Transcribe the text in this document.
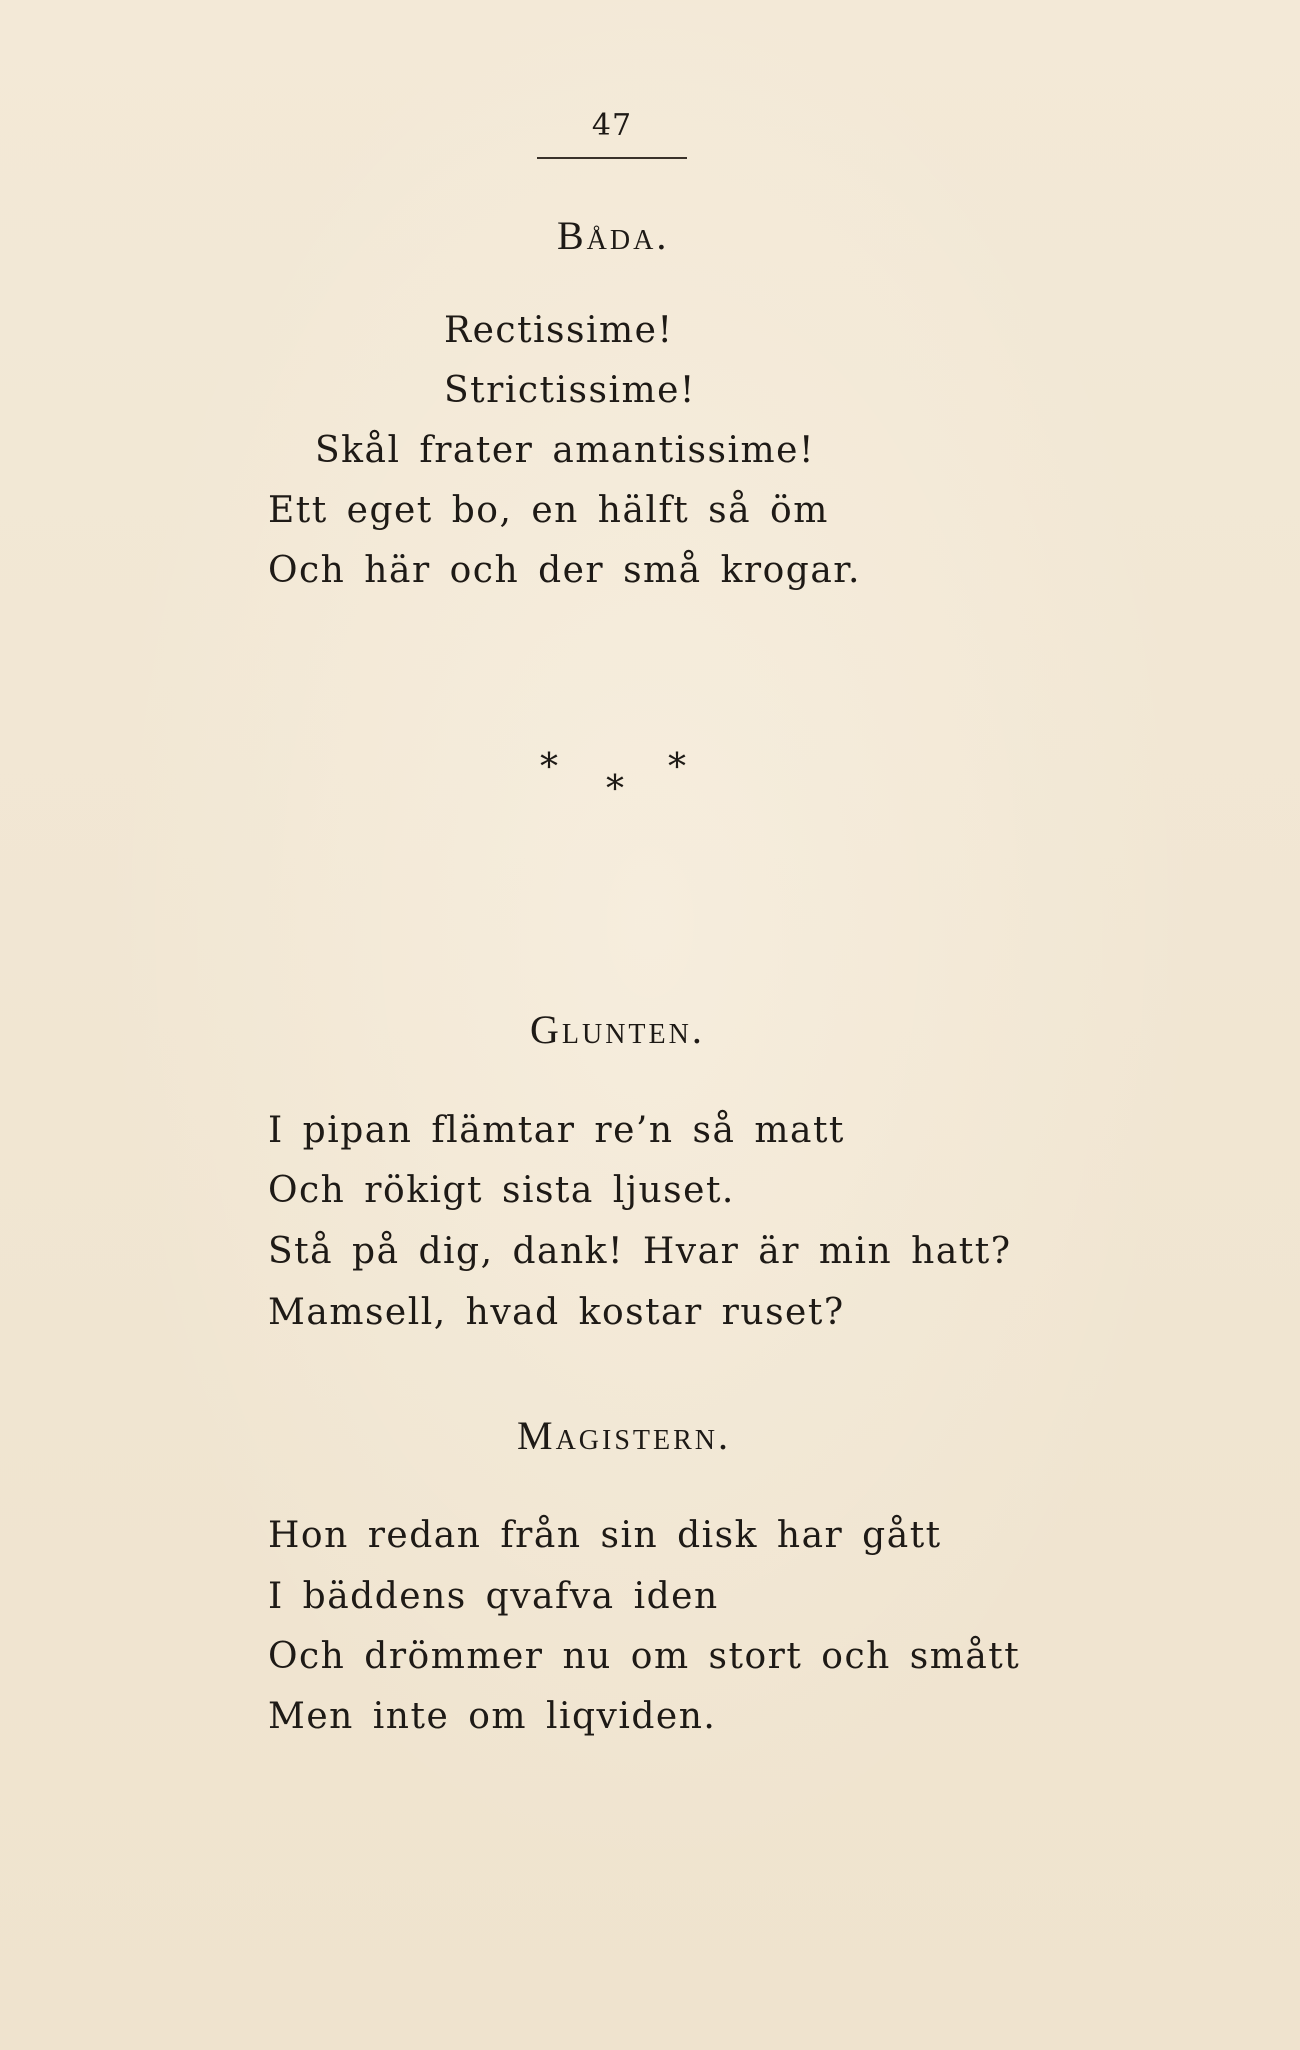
47
Båda.
Rectissime!
Strictissime!
Skål frater amantissime!
Ett eget bo, en hälft så öm
Och här och der små krogar.
*
*
*
Glunten.
I pipan flämtar re’n så matt
Och rökigt sista ljuset.
Stå på dig, dank! Hvar är min hatt?
Mamsell, hvad kostar ruset?
Magistern.
Hon redan från sin disk har gått
I bäddens qvafva iden
Och drömmer nu om stort och smått
Men inte om liqviden.
